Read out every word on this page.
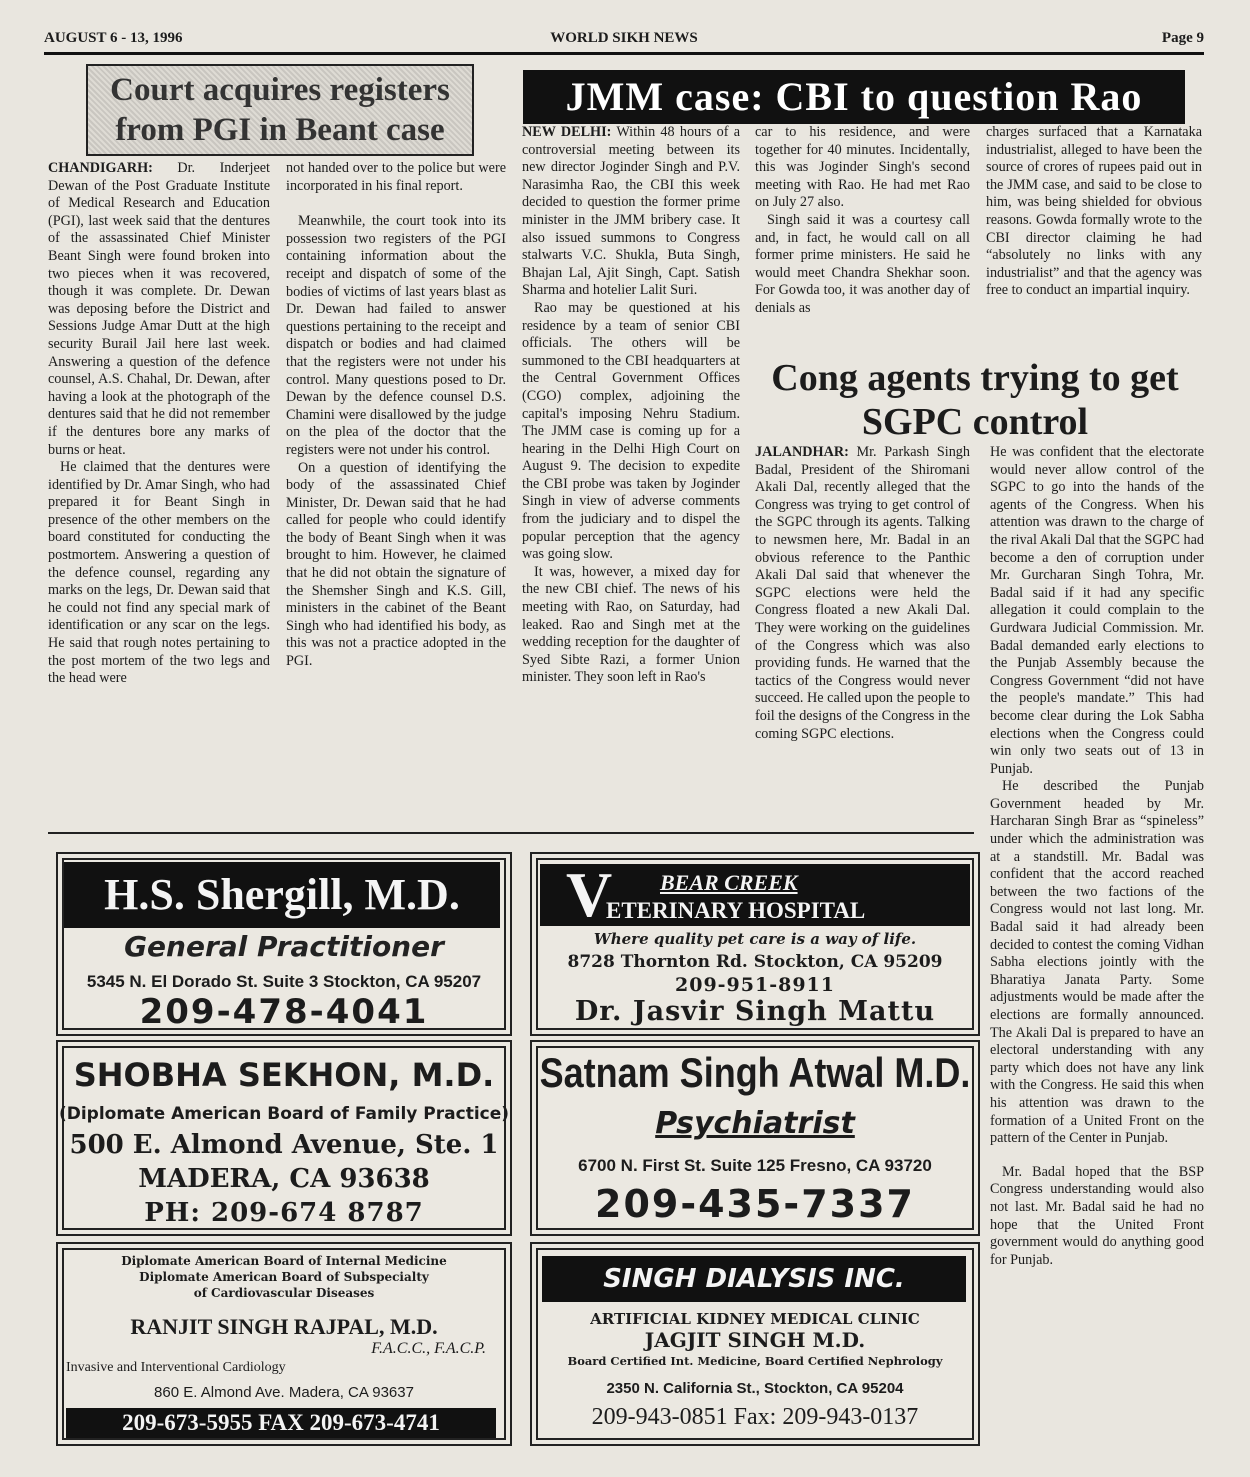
AUGUST 6 - 13, 1996	WORLD SIKH NEWS	Page 9
Court acquires registers from PGI in Beant case

CHANDIGARH: Dr. Inderjeet Dewan of the Post Graduate Institute of Medical Research and Education (PGI), last week said that the dentures of the assassinated Chief Minister Beant Singh were found broken into two pieces when it was recovered, though it was complete. Dr. Dewan was deposing before the District and Sessions Judge Amar Dutt at the high security Burail Jail here last week. Answering a question of the defence counsel, A.S. Chahal, Dr. Dewan, after having a look at the photograph of the dentures said that he did not remember if the dentures bore any marks of burns or heat.

He claimed that the dentures were identified by Dr. Amar Singh, who had prepared it for Beant Singh in presence of the other members on the board constituted for conducting the postmortem. Answering a question of the defence counsel, regarding any marks on the legs, Dr. Dewan said that he could not find any special mark of identification or any scar on the legs. He said that rough notes pertaining to the post mortem of the two legs and the head were

not handed over to the police but were incorporated in his final report.

Meanwhile, the court took into its possession two registers of the PGI containing information about the receipt and dispatch of some of the bodies of victims of last years blast as Dr. Dewan had failed to answer questions pertaining to the receipt and dispatch or bodies and had claimed that the registers were not under his control. Many questions posed to Dr. Dewan by the defence counsel D.S. Chamini were disallowed by the judge on the plea of the doctor that the registers were not under his control.

On a question of identifying the body of the assassinated Chief Minister, Dr. Dewan said that he had called for people who could identify the body of Beant Singh when it was brought to him. However, he claimed that he did not obtain the signature of the Shemsher Singh and K.S. Gill, ministers in the cabinet of the Beant Singh who had identified his body, as this was not a practice adopted in the PGI.

JMM case: CBI to question Rao

NEW DELHI: Within 48 hours of a controversial meeting between its new director Joginder Singh and P.V. Narasimha Rao, the CBI this week decided to question the former prime minister in the JMM bribery case. It also issued summons to Congress stalwarts V.C. Shukla, Buta Singh, Bhajan Lal, Ajit Singh, Capt. Satish Sharma and hotelier Lalit Suri.

Rao may be questioned at his residence by a team of senior CBI officials. The others will be summoned to the CBI headquarters at the Central Government Offices (CGO) complex, adjoining the capital's imposing Nehru Stadium. The JMM case is coming up for a hearing in the Delhi High Court on August 9. The decision to expedite the CBI probe was taken by Joginder Singh in view of adverse comments from the judiciary and to dispel the popular perception that the agency was going slow.

It was, however, a mixed day for the new CBI chief. The news of his meeting with Rao, on Saturday, had leaked. Rao and Singh met at the wedding reception for the daughter of Syed Sibte Razi, a former Union minister. They soon left in Rao's

car to his residence, and were together for 40 minutes. Incidentally, this was Joginder Singh's second meeting with Rao. He had met Rao on July 27 also.

Singh said it was a courtesy call and, in fact, he would call on all former prime ministers. He said he would meet Chandra Shekhar soon. For Gowda too, it was another day of denials as

charges surfaced that a Karnataka industrialist, alleged to have been the source of crores of rupees paid out in the JMM case, and said to be close to him, was being shielded for obvious reasons. Gowda formally wrote to the CBI director claiming he had “absolutely no links with any industrialist” and that the agency was free to conduct an impartial inquiry.

Cong agents trying to get SGPC control

JALANDHAR: Mr. Parkash Singh Badal, President of the Shiromani Akali Dal, recently alleged that the Congress was trying to get control of the SGPC through its agents. Talking to newsmen here, Mr. Badal in an obvious reference to the Panthic Akali Dal said that whenever the SGPC elections were held the Congress floated a new Akali Dal. They were working on the guidelines of the Congress which was also providing funds. He warned that the tactics of the Congress would never succeed. He called upon the people to foil the designs of the Congress in the coming SGPC elections.

He was confident that the electorate would never allow control of the SGPC to go into the hands of the agents of the Congress. When his attention was drawn to the charge of the rival Akali Dal that the SGPC had become a den of corruption under Mr. Gurcharan Singh Tohra, Mr. Badal said if it had any specific allegation it could complain to the Gurdwara Judicial Commission. Mr. Badal demanded early elections to the Punjab Assembly because the Congress Government “did not have the people's mandate.” This had become clear during the Lok Sabha elections when the Congress could win only two seats out of 13 in Punjab.

He described the Punjab Government headed by Mr. Harcharan Singh Brar as “spineless” under which the administration was at a standstill. Mr. Badal was confident that the accord reached between the two factions of the Congress would not last long. Mr. Badal said it had already been decided to contest the coming Vidhan Sabha elections jointly with the Bharatiya Janata Party. Some adjustments would be made after the elections are formally announced. The Akali Dal is prepared to have an electoral understanding with any party which does not have any link with the Congress. He said this when his attention was drawn to the formation of a United Front on the pattern of the Center in Punjab.

Mr. Badal hoped that the BSP Congress understanding would also not last. Mr. Badal said he had no hope that the United Front government would do anything good for Punjab.

H.S. Shergill, M.D.
General Practitioner
5345 N. El Dorado St. Suite 3 Stockton, CA 95207
209-478-4041
V BEAR CREEK
ETERINARY HOSPITAL
Where quality pet care is a way of life.
8728 Thornton Rd. Stockton, CA 95209
209-951-8911
Dr. Jasvir Singh Mattu
SHOBHA SEKHON, M.D.
(Diplomate American Board of Family Practice)
500 E. Almond Avenue, Ste. 1
MADERA, CA 93638
PH: 209-674 8787
Satnam Singh Atwal M.D.
Psychiatrist
6700 N. First St. Suite 125 Fresno, CA 93720
209-435-7337
Diplomate American Board of Internal Medicine
Diplomate American Board of Subspecialty
of Cardiovascular Diseases
RANJIT SINGH RAJPAL, M.D.
F.A.C.C., F.A.C.P.
Invasive and Interventional Cardiology
860 E. Almond Ave. Madera, CA 93637
209-673-5955 FAX 209-673-4741
SINGH DIALYSIS INC.
ARTIFICIAL KIDNEY MEDICAL CLINIC
JAGJIT SINGH M.D.
Board Certified Int. Medicine, Board Certified Nephrology
2350 N. California St., Stockton, CA 95204
209-943-0851 Fax: 209-943-0137
